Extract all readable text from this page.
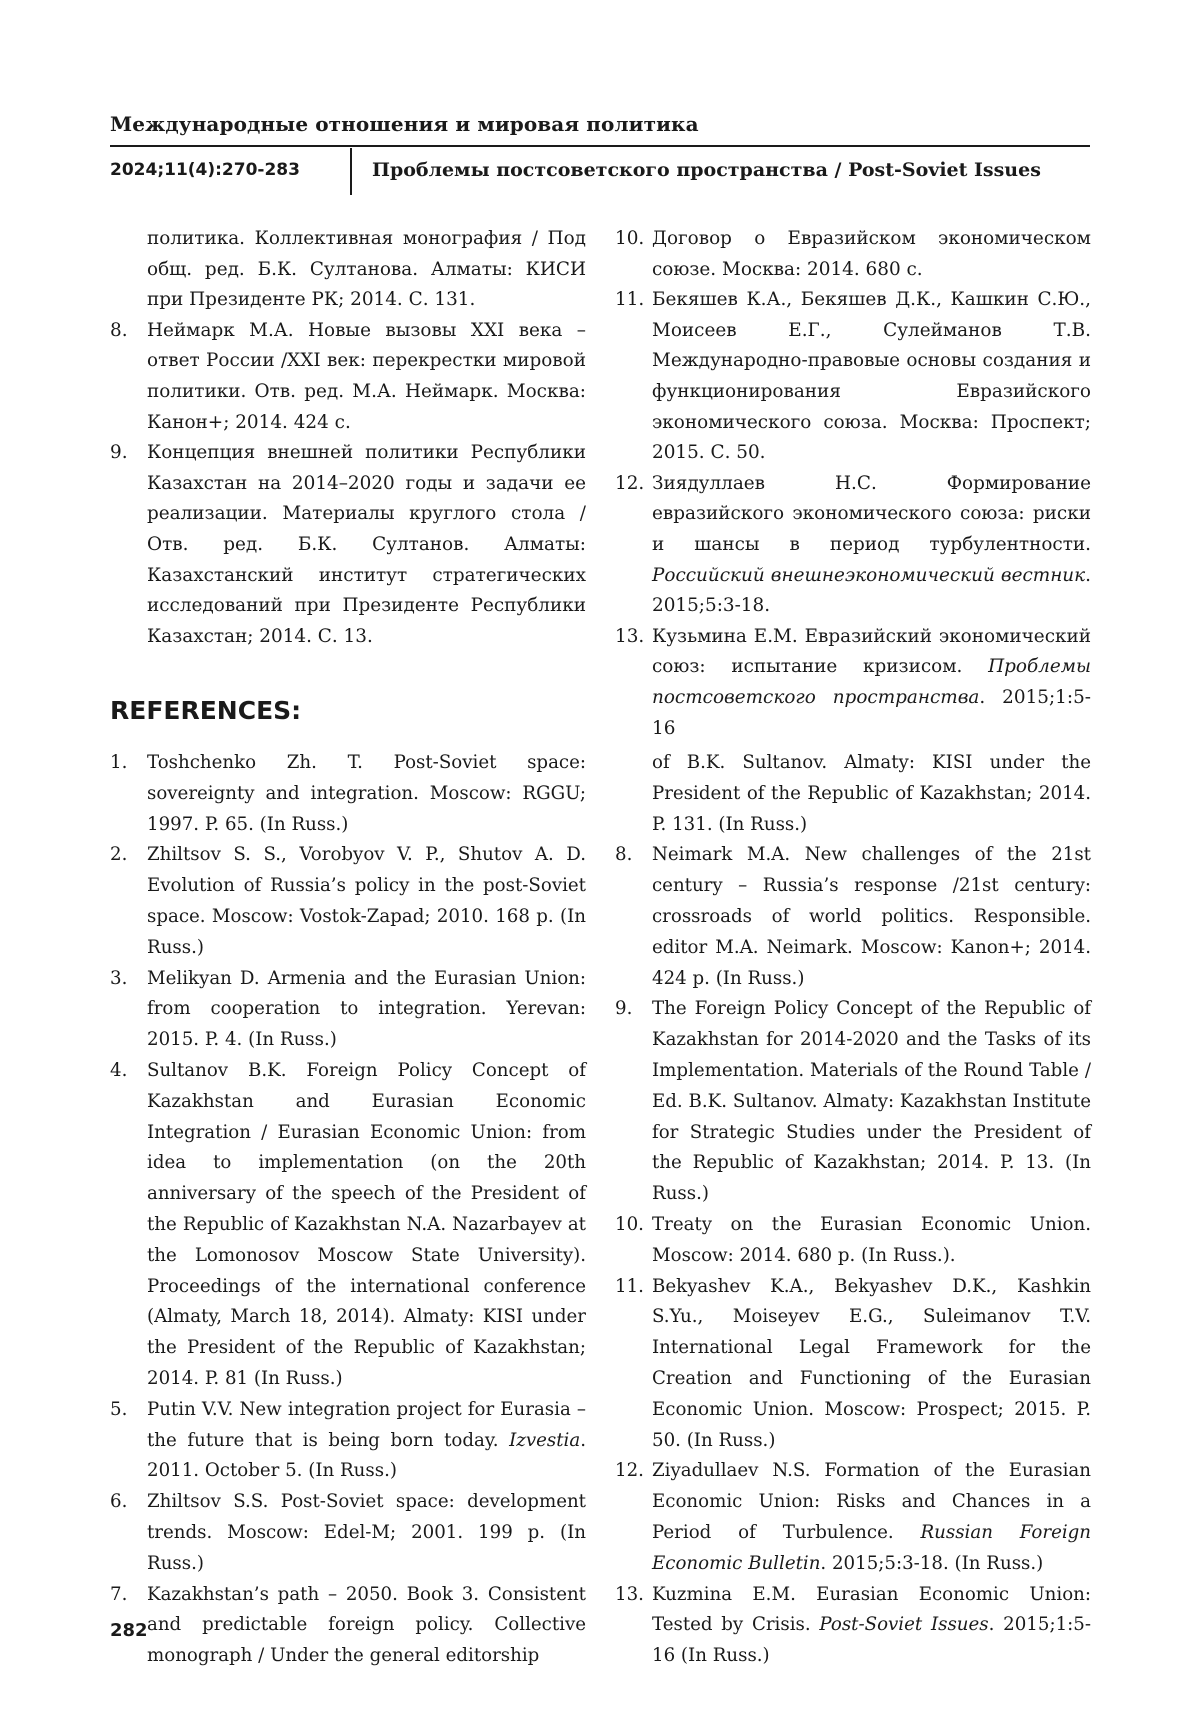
Международные отношения и мировая политика
2024;11(4):270-283	Проблемы постсоветского пространства / Post-Soviet Issues
политика. Коллективная монография / Под общ. ред. Б.К. Султанова. Алматы: КИСИ при Президенте РК; 2014. С. 131.
8. Неймарк М.А. Новые вызовы XXI века – ответ России /XXI век: перекрестки мировой политики. Отв. ред. М.А. Неймарк. Москва: Канон+; 2014. 424 с.
9. Концепция внешней политики Республики Казахстан на 2014–2020 годы и задачи ее реализации. Материалы круглого стола / Отв. ред. Б.К. Султанов. Алматы: Казахстанский институт стратегических исследований при Президенте Республики Казахстан; 2014. С. 13.
10. Договор о Евразийском экономическом союзе. Москва: 2014. 680 с.
11. Бекяшев К.А., Бекяшев Д.К., Кашкин С.Ю., Моисеев Е.Г., Сулейманов Т.В. Международно-правовые основы создания и функционирования Евразийского экономического союза. Москва: Проспект; 2015. С. 50.
12. Зиядуллаев Н.С. Формирование евразийского экономического союза: риски и шансы в период турбулентности. Российский внешнеэкономический вестник. 2015;5:3-18.
13. Кузьмина Е.М. Евразийский экономический союз: испытание кризисом. Проблемы постсоветского пространства. 2015;1:5-16
REFERENCES:
1. Toshchenko Zh. T. Post-Soviet space: sovereignty and integration. Moscow: RGGU; 1997. P. 65. (In Russ.)
2. Zhiltsov S. S., Vorobyov V. P., Shutov A. D. Evolution of Russia’s policy in the post-Soviet space. Moscow: Vostok-Zapad; 2010. 168 p. (In Russ.)
3. Melikyan D. Armenia and the Eurasian Union: from cooperation to integration. Yerevan: 2015. P. 4. (In Russ.)
4. Sultanov B.K. Foreign Policy Concept of Kazakhstan and Eurasian Economic Integration / Eurasian Economic Union: from idea to implementation (on the 20th anniversary of the speech of the President of the Republic of Kazakhstan N.A. Nazarbayev at the Lomonosov Moscow State University). Proceedings of the international conference (Almaty, March 18, 2014). Almaty: KISI under the President of the Republic of Kazakhstan; 2014. P. 81 (In Russ.)
5. Putin V.V. New integration project for Eurasia – the future that is being born today. Izvestia. 2011. October 5. (In Russ.)
6. Zhiltsov S.S. Post-Soviet space: development trends. Moscow: Edel-M; 2001. 199 p. (In Russ.)
7. Kazakhstan’s path – 2050. Book 3. Consistent and predictable foreign policy. Collective monograph / Under the general editorship
of B.K. Sultanov. Almaty: KISI under the President of the Republic of Kazakhstan; 2014. P. 131. (In Russ.)
8. Neimark M.A. New challenges of the 21st century – Russia’s response /21st century: crossroads of world politics. Responsible. editor M.A. Neimark. Moscow: Kanon+; 2014. 424 p. (In Russ.)
9. The Foreign Policy Concept of the Republic of Kazakhstan for 2014-2020 and the Tasks of its Implementation. Materials of the Round Table / Ed. B.K. Sultanov. Almaty: Kazakhstan Institute for Strategic Studies under the President of the Republic of Kazakhstan; 2014. P. 13. (In Russ.)
10. Treaty on the Eurasian Economic Union. Moscow: 2014. 680 p. (In Russ.).
11. Bekyashev K.A., Bekyashev D.K., Kashkin S.Yu., Moiseyev E.G., Suleimanov T.V. International Legal Framework for the Creation and Functioning of the Eurasian Economic Union. Moscow: Prospect; 2015. P. 50. (In Russ.)
12. Ziyadullaev N.S. Formation of the Eurasian Economic Union: Risks and Chances in a Period of Turbulence. Russian Foreign Economic Bulletin. 2015;5:3-18. (In Russ.)
13. Kuzmina E.M. Eurasian Economic Union: Tested by Crisis. Post-Soviet Issues. 2015;1:5-16 (In Russ.)
282
